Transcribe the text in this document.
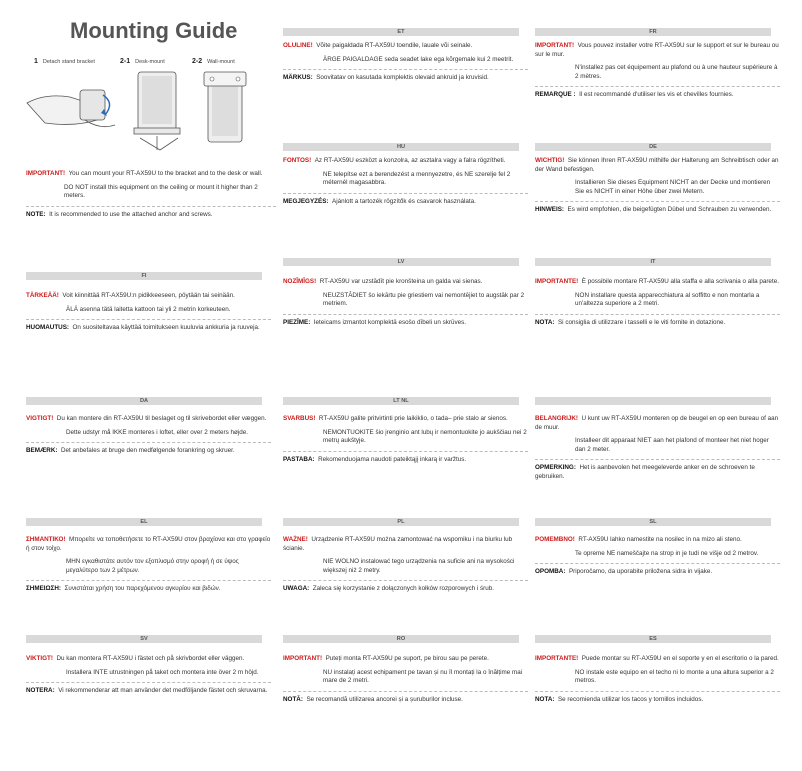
Mounting Guide
1 Detach stand bracket	2-1 Desk-mount	2-2 Wall-mount

IMPORTANT! You can mount your RT-AX59U to the bracket and to the desk or wall.

DO NOT install this equipment on the ceiling or mount it higher than 2 meters.

NOTE: It is recommended to use the attached anchor and screws.

ET

OLULINE! Võite paigaldada RT-AX59U toendile, lauale või seinale.

ÄRGE PAIGALDAGE seda seadet lake ega kõrgemale kui 2 meetrit.

MÄRKUS: Soovitatav on kasutada komplektis olevaid ankruid ja kruvisid.

FR

IMPORTANT! Vous pouvez installer votre RT-AX59U sur le support et sur le bureau ou sur le mur.

N'installez pas cet équipement au plafond ou à une hauteur supérieure à 2 mètres.

REMARQUE : Il est recommandé d'utiliser les vis et chevilles fournies.

HU

FONTOS! Az RT-AX59U eszközt a konzolra, az asztalra vagy a falra rögzítheti.

NE telepítse ezt a berendezést a mennyezetre, és NE szerelje fel 2 méternél magasabbra.

MEGJEGYZÉS: Ajánlott a tartozék rögzítők és csavarok használata.

DE

WICHTIG! Sie können Ihren RT-AX59U mithilfe der Halterung am Schreibtisch oder an der Wand befestigen.

Installieren Sie dieses Equipment NICHT an der Decke und montieren Sie es NICHT in einer Höhe über zwei Metern.

HINWEIS: Es wird empfohlen, die beigefügten Dübel und Schrauben zu verwenden.

FI

TÄRKEÄÄ! Voit kiinnittää RT-AX59U:n pidikkeeseen, pöytään tai seinään.

ÄLÄ asenna tätä laitetta kattoon tai yli 2 metrin korkeuteen.

HUOMAUTUS: On suositeltavaa käyttää toimitukseen kuuluvia ankkuria ja ruuveja.

LV

NOZĪMĪGS! RT-AX59U var uzstādīt pie kronšteina un galda vai sienas.

NEUZSTĀDIET šo iekārtu pie griestiem vai nemontējiet to augstāk par 2 metriem.

PIEZĪME: Ieteicams izmantot komplektā esošo dībeli un skrūves.

IT

IMPORTANTE! È possibile montare RT-AX59U alla staffa e alla scrivania o alla parete.

NON installare questa apparecchiatura al soffitto e non montarla a un'altezza superiore a 2 metri.

NOTA: Si consiglia di utilizzare i tasselli e le viti fornite in dotazione.

DA

VIGTIGT! Du kan montere din RT-AX59U til beslaget og til skrivebordet eller væggen.

Dette udstyr må IKKE monteres i loftet, eller over 2 meters højde.

BEMÆRK: Det anbefales at bruge den medfølgende forankring og skruer.

LT NL

SVARBUS! RT-AX59U galite pritvirtinti prie laikiklio, o tada– prie stalo ar sienos.

NEMONTUOKITE šio įrenginio ant lubų ir nemontuokite jo aukščiau nei 2 metrų aukštyje.

PASTABA: Rekomenduojama naudoti pateiktąjį inkarą ir varžtus.

BELANGRIJK! U kunt uw RT-AX59U monteren op de beugel en op een bureau of aan de muur.

Installeer dit apparaat NIET aan het plafond of monteer het niet hoger dan 2 meter.

OPMERKING: Het is aanbevolen het meegeleverde anker en de schroeven te gebruiken.

EL

ΣΗΜΑΝΤΙΚΟ! Μπορείτε να τοποθετήσετε το RT-AX59U στον βραχίονα και στο γραφείο ή στον τοίχο.

MHN εγκαθιστάτε αυτόν τον εξοπλισμό στην οροφή ή σε ύψος μεγαλύτερο των 2 μέτρων.

ΣΗΜΕΙΩΣΗ: Συνιστάται χρήση του παρεχόμενου αγκυρίου και βιδών.

PL

WAŻNE! Urządzenie RT-AX59U można zamontować na wspomiku i na biurku lub ścianie.

NIE WOLNO instalować tego urządzenia na suficie ani na wysokości większej niż 2 metry.

UWAGA: Zaleca się korzystanie z dołączonych kołków rozporowych i śrub.

SL

POMEMBNO! RT-AX59U lahko namestite na nosilec in na mizo ali steno.

Te opreme NE nameščajte na strop in je tudi ne višje od 2 metrov.

OPOMBA: Priporočamo, da uporabite priložena sidra in vijake.

SV

VIKTIGT! Du kan montera RT-AX59U i fästet och på skrivbordet eller väggen.

Installera INTE utrustningen på taket och montera inte över 2 m höjd.

NOTERA: Vi rekommenderar att man använder det medföljande fästet och skruvarna.

RO

IMPORTANT! Puteți monta RT-AX59U pe suport, pe birou sau pe perete.

NU instalați acest echipament pe tavan și nu îl montați la o înălțime mai mare de 2 metri.

NOTĂ: Se recomandă utilizarea ancorei și a șuruburilor incluse.

ES

IMPORTANTE! Puede montar su RT-AX59U en el soporte y en el escritorio o la pared.

NO instale este equipo en el techo ni lo monte a una altura superior a 2 metros.

NOTA: Se recomienda utilizar los tacos y tornillos incluidos.
